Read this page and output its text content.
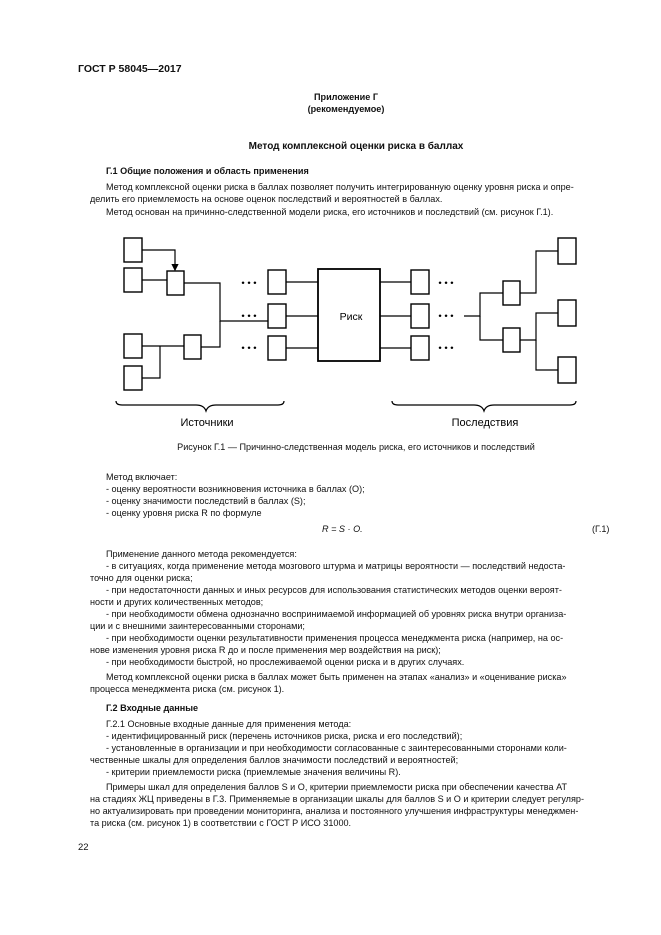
ГОСТ Р 58045—2017
Приложение Г
(рекомендуемое)
Метод комплексной оценки риска в баллах
Г.1 Общие положения и область применения
Метод комплексной оценки риска в баллах позволяет получить интегрированную оценку уровня риска и опре-
делить его приемлемость на основе оценок последствий и вероятностей в баллах.
Метод основан на причинно-следственной модели риска, его источников и последствий (см. рисунок Г.1).
• • •
• • •
• • •
• • •
• • •
• • •
Риск
Источники	Последствия
Рисунок Г.1 — Причинно-следственная модель риска, его источников и последствий
Метод включает:
- оценку вероятности возникновения источника в баллах (O);
- оценку значимости последствий в баллах (S);
- оценку уровня риска R по формуле
R = S · O.	(Г.1)
Применение данного метода рекомендуется:
- в ситуациях, когда применение метода мозгового штурма и матрицы вероятности — последствий недоста-
точно для оценки риска;
- при недостаточности данных и иных ресурсов для использования статистических методов оценки вероят-
ности и других количественных методов;
- при необходимости обмена однозначно воспринимаемой информацией об уровнях риска внутри организа-
ции и с внешними заинтересованными сторонами;
- при необходимости оценки результативности применения процесса менеджмента риска (например, на ос-
нове изменения уровня риска R до и после применения мер воздействия на риск);
- при необходимости быстрой, но прослеживаемой оценки риска и в других случаях.
Метод комплексной оценки риска в баллах может быть применен на этапах «анализ» и «оценивание риска»
процесса менеджмента риска (см. рисунок 1).
Г.2 Входные данные
Г.2.1 Основные входные данные для применения метода:
- идентифицированный риск (перечень источников риска, риска и его последствий);
- установленные в организации и при необходимости согласованные с заинтересованными сторонами коли-
чественные шкалы для определения баллов значимости последствий и вероятностей;
- критерии приемлемости риска (приемлемые значения величины R).
Примеры шкал для определения баллов S и O, критерии приемлемости риска при обеспечении качества АТ
на стадиях ЖЦ приведены в Г.3. Применяемые в организации шкалы для баллов S и O и критерии следует регуляр-
но актуализировать при проведении мониторинга, анализа и постоянного улучшения инфраструктуры менеджмен-
та риска (см. рисунок 1) в соответствии с ГОСТ Р ИСО 31000.
22
